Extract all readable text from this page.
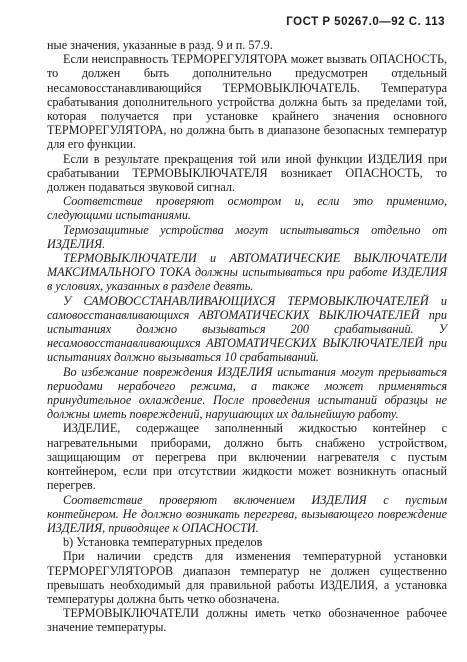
ГОСТ Р 50267.0—92 С. 113

ные значения, указанные в разд. 9 и п. 57.9.

Если неисправность ТЕРМОРЕГУЛЯТОРА может вызвать ОПАСНОСТЬ, то должен быть дополнительно предусмотрен отдельный несамовосстанавливающийся ТЕРМОВЫКЛЮЧАТЕЛЬ. Температура срабатывания дополнительного устройства должна быть за пределами той, которая получается при установке крайнего значения основного ТЕРМОРЕГУЛЯТОРА, но должна быть в диапазоне безопасных температур для его функции.

Если в результате прекращения той или иной функции ИЗДЕЛИЯ при срабатывании ТЕРМОВЫКЛЮЧАТЕЛЯ возникает ОПАСНОСТЬ, то должен подаваться звуковой сигнал.

Соответствие проверяют осмотром и, если это применимо, следующими испытаниями.

Термозащитные устройства могут испытываться отдельно от ИЗДЕЛИЯ.

ТЕРМОВЫКЛЮЧАТЕЛИ и АВТОМАТИЧЕСКИЕ ВЫКЛЮЧАТЕЛИ МАКСИМАЛЬНОГО ТОКА должны испытываться при работе ИЗДЕЛИЯ в условиях, указанных в разделе девять.

У САМОВОССТАНАВЛИВАЮЩИХСЯ ТЕРМОВЫКЛЮЧАТЕЛЕЙ и самовосстанавливающихся АВТОМАТИЧЕСКИХ ВЫКЛЮЧАТЕЛЕЙ при испытаниях должно вызываться 200 срабатываний. У несамовосстанавливающихся АВТОМАТИЧЕСКИХ ВЫКЛЮЧАТЕЛЕЙ при испытаниях должно вызываться 10 срабатываний.

Во избежание повреждения ИЗДЕЛИЯ испытания могут прерываться периодами нерабочего режима, а также может применяться принудительное охлаждение. После проведения испытаний образцы не должны иметь повреждений, нарушающих их дальнейшую работу.

ИЗДЕЛИЕ, содержащее заполненный жидкостью контейнер с нагревательными приборами, должно быть снабжено устройством, защищающим от перегрева при включении нагревателя с пустым контейнером, если при отсутствии жидкости может возникнуть опасный перегрев.

Соответствие проверяют включением ИЗДЕЛИЯ с пустым контейнером. Не должно возникать перегрева, вызывающего повреждение ИЗДЕЛИЯ, приводящее к ОПАСНОСТИ.

b) Установка температурных пределов

При наличии средств для изменения температурной установки ТЕРМОРЕГУЛЯТОРОВ диапазон температур не должен существенно превышать необходимый для правильной работы ИЗДЕЛИЯ, а установка температуры должна быть четко обозначена.

ТЕРМОВЫКЛЮЧАТЕЛИ должны иметь четко обозначенное рабочее значение температуры.
